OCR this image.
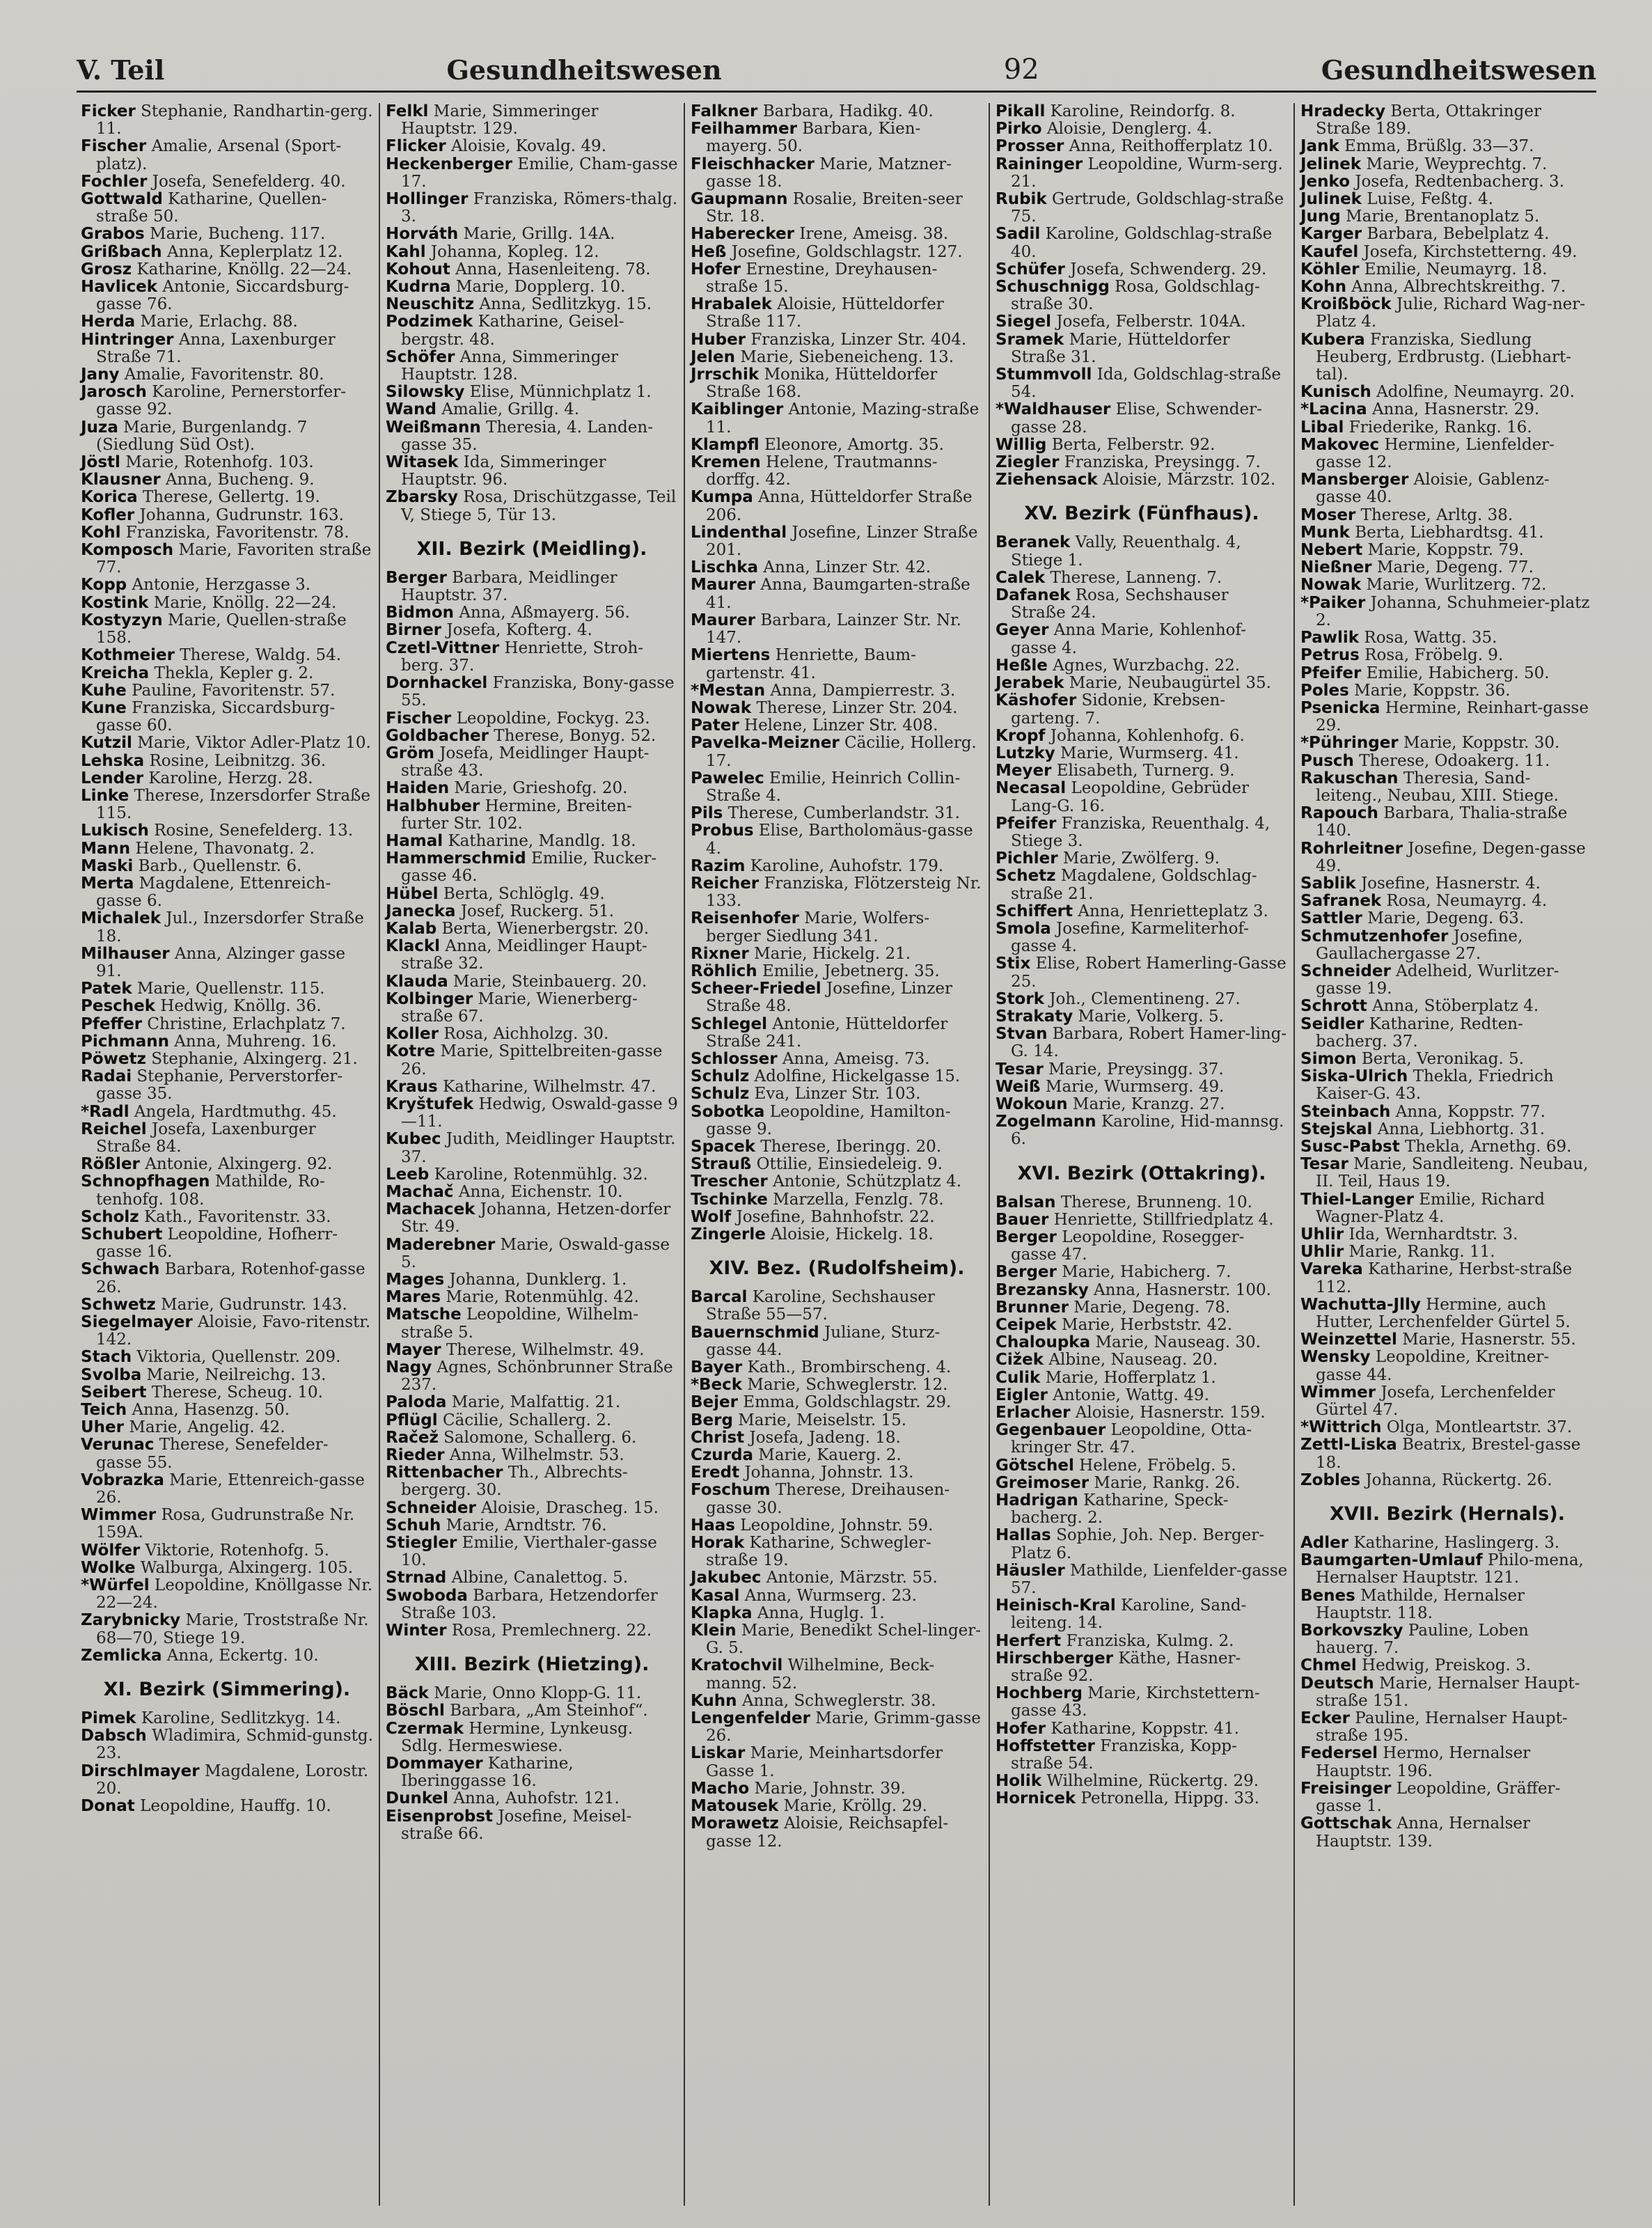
V. Teil	Gesundheitswesen	92	Gesundheitswesen

Ficker Stephanie, Randhartin-gerg. 11.

Fischer Amalie, Arsenal (Sport-platz).

Fochler Josefa, Senefelderg. 40.

Gottwald Katharine, Quellen-straße 50.

Grabos Marie, Bucheng. 117.

Grißbach Anna, Keplerplatz 12.

Grosz Katharine, Knöllg. 22—24.

Havlicek Antonie, Siccardsburg-gasse 76.

Herda Marie, Erlachg. 88.

Hintringer Anna, Laxenburger Straße 71.

Jany Amalie, Favoritenstr. 80.

Jarosch Karoline, Pernerstorfer-gasse 92.

Juza Marie, Burgenlandg. 7 (Siedlung Süd Ost).

Jöstl Marie, Rotenhofg. 103.

Klausner Anna, Bucheng. 9.

Korica Therese, Gellertg. 19.

Kofler Johanna, Gudrunstr. 163.

Kohl Franziska, Favoritenstr. 78.

Komposch Marie, Favoriten straße 77.

Kopp Antonie, Herzgasse 3.

Kostink Marie, Knöllg. 22—24.

Kostyzyn Marie, Quellen-straße 158.

Kothmeier Therese, Waldg. 54.

Kreicha Thekla, Kepler g. 2.

Kuhe Pauline, Favoritenstr. 57.

Kune Franziska, Siccardsburg-gasse 60.

Kutzil Marie, Viktor Adler-Platz 10.

Lehska Rosine, Leibnitzg. 36.

Lender Karoline, Herzg. 28.

Linke Therese, Inzersdorfer Straße 115.

Lukisch Rosine, Senefelderg. 13.

Mann Helene, Thavonatg. 2.

Maski Barb., Quellenstr. 6.

Merta Magdalene, Ettenreich-gasse 6.

Michalek Jul., Inzersdorfer Straße 18.

Milhauser Anna, Alzinger gasse 91.

Patek Marie, Quellenstr. 115.

Peschek Hedwig, Knöllg. 36.

Pfeffer Christine, Erlachplatz 7.

Pichmann Anna, Muhreng. 16.

Pöwetz Stephanie, Alxingerg. 21.

Radai Stephanie, Perverstorfer-gasse 35.

*Radl Angela, Hardtmuthg. 45.

Reichel Josefa, Laxenburger Straße 84.

Rößler Antonie, Alxingerg. 92.

Schnopfhagen Mathilde, Ro-tenhofg. 108.

Scholz Kath., Favoritenstr. 33.

Schubert Leopoldine, Hofherr-gasse 16.

Schwach Barbara, Rotenhof-gasse 26.

Schwetz Marie, Gudrunstr. 143.

Siegelmayer Aloisie, Favo-ritenstr. 142.

Stach Viktoria, Quellenstr. 209.

Svolba Marie, Neilreichg. 13.

Seibert Therese, Scheug. 10.

Teich Anna, Hasenzg. 50.

Uher Marie, Angelig. 42.

Verunac Therese, Senefelder-gasse 55.

Vobrazka Marie, Ettenreich-gasse 26.

Wimmer Rosa, Gudrunstraße Nr. 159A.

Wölfer Viktorie, Rotenhofg. 5.

Wolke Walburga, Alxingerg. 105.

*Würfel Leopoldine, Knöllgasse Nr. 22—24.

Zarybnicky Marie, Troststraße Nr. 68—70, Stiege 19.

Zemlicka Anna, Eckertg. 10.

XI. Bezirk (Simmering).

Pimek Karoline, Sedlitzkyg. 14.

Dabsch Wladimira, Schmid-gunstg. 23.

Dirschlmayer Magdalene, Lorostr. 20.

Donat Leopoldine, Hauffg. 10.

Felkl Marie, Simmeringer Hauptstr. 129.

Flicker Aloisie, Kovalg. 49.

Heckenberger Emilie, Cham-gasse 17.

Hollinger Franziska, Römers-thalg. 3.

Horváth Marie, Grillg. 14A.

Kahl Johanna, Kopleg. 12.

Kohout Anna, Hasenleiteng. 78.

Kudrna Marie, Dopplerg. 10.

Neuschitz Anna, Sedlitzkyg. 15.

Podzimek Katharine, Geisel-bergstr. 48.

Schöfer Anna, Simmeringer Hauptstr. 128.

Silowsky Elise, Münnichplatz 1.

Wand Amalie, Grillg. 4.

Weißmann Theresia, 4. Landen-gasse 35.

Witasek Ida, Simmeringer Hauptstr. 96.

Zbarsky Rosa, Drischützgasse, Teil V, Stiege 5, Tür 13.

XII. Bezirk (Meidling).

Berger Barbara, Meidlinger Hauptstr. 37.

Bidmon Anna, Aßmayerg. 56.

Birner Josefa, Kofterg. 4.

Czetl-Vittner Henriette, Stroh-berg. 37.

Dornhackel Franziska, Bony-gasse 55.

Fischer Leopoldine, Fockyg. 23.

Goldbacher Therese, Bonyg. 52.

Gröm Josefa, Meidlinger Haupt-straße 43.

Haiden Marie, Grieshofg. 20.

Halbhuber Hermine, Breiten-furter Str. 102.

Hamal Katharine, Mandlg. 18.

Hammerschmid Emilie, Rucker-gasse 46.

Hübel Berta, Schlöglg. 49.

Janecka Josef, Ruckerg. 51.

Kalab Berta, Wienerbergstr. 20.

Klackl Anna, Meidlinger Haupt-straße 32.

Klauda Marie, Steinbauerg. 20.

Kolbinger Marie, Wienerberg-straße 67.

Koller Rosa, Aichholzg. 30.

Kotre Marie, Spittelbreiten-gasse 26.

Kraus Katharine, Wilhelmstr. 47.

Kryštufek Hedwig, Oswald-gasse 9—11.

Kubec Judith, Meidlinger Hauptstr. 37.

Leeb Karoline, Rotenmühlg. 32.

Machač Anna, Eichenstr. 10.

Machacek Johanna, Hetzen-dorfer Str. 49.

Maderebner Marie, Oswald-gasse 5.

Mages Johanna, Dunklerg. 1.

Mares Marie, Rotenmühlg. 42.

Matsche Leopoldine, Wilhelm-straße 5.

Mayer Therese, Wilhelmstr. 49.

Nagy Agnes, Schönbrunner Straße 237.

Paloda Marie, Malfattig. 21.

Pflügl Cäcilie, Schallerg. 2.

Račež Salomone, Schallerg. 6.

Rieder Anna, Wilhelmstr. 53.

Rittenbacher Th., Albrechts-bergerg. 30.

Schneider Aloisie, Drascheg. 15.

Schuh Marie, Arndtstr. 76.

Stiegler Emilie, Vierthaler-gasse 10.

Strnad Albine, Canalettog. 5.

Swoboda Barbara, Hetzendorfer Straße 103.

Winter Rosa, Premlechnerg. 22.

XIII. Bezirk (Hietzing).

Bäck Marie, Onno Klopp-G. 11.

Böschl Barbara, „Am Steinhof“.

Czermak Hermine, Lynkeusg. Sdlg. Hermeswiese.

Dommayer Katharine, Iberinggasse 16.

Dunkel Anna, Auhofstr. 121.

Eisenprobst Josefine, Meisel-straße 66.

Falkner Barbara, Hadikg. 40.

Feilhammer Barbara, Kien-mayerg. 50.

Fleischhacker Marie, Matzner-gasse 18.

Gaupmann Rosalie, Breiten-seer Str. 18.

Haberecker Irene, Ameisg. 38.

Heß Josefine, Goldschlagstr. 127.

Hofer Ernestine, Dreyhausen-straße 15.

Hrabalek Aloisie, Hütteldorfer Straße 117.

Huber Franziska, Linzer Str. 404.

Jelen Marie, Siebeneicheng. 13.

Jrrschik Monika, Hütteldorfer Straße 168.

Kaiblinger Antonie, Mazing-straße 11.

Klampfl Eleonore, Amortg. 35.

Kremen Helene, Trautmanns-dorffg. 42.

Kumpa Anna, Hütteldorfer Straße 206.

Lindenthal Josefine, Linzer Straße 201.

Lischka Anna, Linzer Str. 42.

Maurer Anna, Baumgarten-straße 41.

Maurer Barbara, Lainzer Str. Nr. 147.

Miertens Henriette, Baum-gartenstr. 41.

*Mestan Anna, Dampierrestr. 3.

Nowak Therese, Linzer Str. 204.

Pater Helene, Linzer Str. 408.

Pavelka-Meizner Cäcilie, Hollerg. 17.

Pawelec Emilie, Heinrich Collin-Straße 4.

Pils Therese, Cumberlandstr. 31.

Probus Elise, Bartholomäus-gasse 4.

Razim Karoline, Auhofstr. 179.

Reicher Franziska, Flötzersteig Nr. 133.

Reisenhofer Marie, Wolfers-berger Siedlung 341.

Rixner Marie, Hickelg. 21.

Röhlich Emilie, Jebetnerg. 35.

Scheer-Friedel Josefine, Linzer Straße 48.

Schlegel Antonie, Hütteldorfer Straße 241.

Schlosser Anna, Ameisg. 73.

Schulz Adolfine, Hickelgasse 15.

Schulz Eva, Linzer Str. 103.

Sobotka Leopoldine, Hamilton-gasse 9.

Spacek Therese, Iberingg. 20.

Strauß Ottilie, Einsiedeleig. 9.

Trescher Antonie, Schützplatz 4.

Tschinke Marzella, Fenzlg. 78.

Wolf Josefine, Bahnhofstr. 22.

Zingerle Aloisie, Hickelg. 18.

XIV. Bez. (Rudolfsheim).

Barcal Karoline, Sechshauser Straße 55—57.

Bauernschmid Juliane, Sturz-gasse 44.

Bayer Kath., Brombirscheng. 4.

*Beck Marie, Schweglerstr. 12.

Bejer Emma, Goldschlagstr. 29.

Berg Marie, Meiselstr. 15.

Christ Josefa, Jadeng. 18.

Czurda Marie, Kauerg. 2.

Eredt Johanna, Johnstr. 13.

Foschum Therese, Dreihausen-gasse 30.

Haas Leopoldine, Johnstr. 59.

Horak Katharine, Schwegler-straße 19.

Jakubec Antonie, Märzstr. 55.

Kasal Anna, Wurmserg. 23.

Klapka Anna, Huglg. 1.

Klein Marie, Benedikt Schel-linger-G. 5.

Kratochvil Wilhelmine, Beck-manng. 52.

Kuhn Anna, Schweglerstr. 38.

Lengenfelder Marie, Grimm-gasse 26.

Liskar Marie, Meinhartsdorfer Gasse 1.

Macho Marie, Johnstr. 39.

Matousek Marie, Kröllg. 29.

Morawetz Aloisie, Reichsapfel-gasse 12.

Pikall Karoline, Reindorfg. 8.

Pirko Aloisie, Denglerg. 4.

Prosser Anna, Reithofferplatz 10.

Raininger Leopoldine, Wurm-serg. 21.

Rubik Gertrude, Goldschlag-straße 75.

Sadil Karoline, Goldschlag-straße 40.

Schüfer Josefa, Schwenderg. 29.

Schuschnigg Rosa, Goldschlag-straße 30.

Siegel Josefa, Felberstr. 104A.

Sramek Marie, Hütteldorfer Straße 31.

Stummvoll Ida, Goldschlag-straße 54.

*Waldhauser Elise, Schwender-gasse 28.

Willig Berta, Felberstr. 92.

Ziegler Franziska, Preysingg. 7.

Ziehensack Aloisie, Märzstr. 102.

XV. Bezirk (Fünfhaus).

Beranek Vally, Reuenthalg. 4, Stiege 1.

Calek Therese, Lanneng. 7.

Dafanek Rosa, Sechshauser Straße 24.

Geyer Anna Marie, Kohlenhof-gasse 4.

Heßle Agnes, Wurzbachg. 22.

Jerabek Marie, Neubaugürtel 35.

Käshofer Sidonie, Krebsen-garteng. 7.

Kropf Johanna, Kohlenhofg. 6.

Lutzky Marie, Wurmserg. 41.

Meyer Elisabeth, Turnerg. 9.

Necasal Leopoldine, Gebrüder Lang-G. 16.

Pfeifer Franziska, Reuenthalg. 4, Stiege 3.

Pichler Marie, Zwölferg. 9.

Schetz Magdalene, Goldschlag-straße 21.

Schiffert Anna, Henrietteplatz 3.

Smola Josefine, Karmeliterhof-gasse 4.

Stix Elise, Robert Hamerling-Gasse 25.

Stork Joh., Clementineng. 27.

Strakaty Marie, Volkerg. 5.

Stvan Barbara, Robert Hamer-ling-G. 14.

Tesar Marie, Preysingg. 37.

Weiß Marie, Wurmserg. 49.

Wokoun Marie, Kranzg. 27.

Zogelmann Karoline, Hid-mannsg. 6.

XVI. Bezirk (Ottakring).

Balsan Therese, Brunneng. 10.

Bauer Henriette, Stillfriedplatz 4.

Berger Leopoldine, Rosegger-gasse 47.

Berger Marie, Habicherg. 7.

Brezansky Anna, Hasnerstr. 100.

Brunner Marie, Degeng. 78.

Ceipek Marie, Herbststr. 42.

Chaloupka Marie, Nauseag. 30.

Cižek Albine, Nauseag. 20.

Culik Marie, Hofferplatz 1.

Eigler Antonie, Wattg. 49.

Erlacher Aloisie, Hasnerstr. 159.

Gegenbauer Leopoldine, Otta-kringer Str. 47.

Götschel Helene, Fröbelg. 5.

Greimoser Marie, Rankg. 26.

Hadrigan Katharine, Speck-bacherg. 2.

Hallas Sophie, Joh. Nep. Berger-Platz 6.

Häusler Mathilde, Lienfelder-gasse 57.

Heinisch-Kral Karoline, Sand-leiteng. 14.

Herfert Franziska, Kulmg. 2.

Hirschberger Käthe, Hasner-straße 92.

Hochberg Marie, Kirchstettern-gasse 43.

Hofer Katharine, Koppstr. 41.

Hoffstetter Franziska, Kopp-straße 54.

Holik Wilhelmine, Rückertg. 29.

Hornicek Petronella, Hippg. 33.

Hradecky Berta, Ottakringer Straße 189.

Jank Emma, Brüßlg. 33—37.

Jelinek Marie, Weyprechtg. 7.

Jenko Josefa, Redtenbacherg. 3.

Julinek Luise, Feßtg. 4.

Jung Marie, Brentanoplatz 5.

Karger Barbara, Bebelplatz 4.

Kaufel Josefa, Kirchstetterng. 49.

Köhler Emilie, Neumayrg. 18.

Kohn Anna, Albrechtskreithg. 7.

Kroißböck Julie, Richard Wag-ner-Platz 4.

Kubera Franziska, Siedlung Heuberg, Erdbrustg. (Liebhart-tal).

Kunisch Adolfine, Neumayrg. 20.

*Lacina Anna, Hasnerstr. 29.

Libal Friederike, Rankg. 16.

Makovec Hermine, Lienfelder-gasse 12.

Mansberger Aloisie, Gablenz-gasse 40.

Moser Therese, Arltg. 38.

Munk Berta, Liebhardtsg. 41.

Nebert Marie, Koppstr. 79.

Nießner Marie, Degeng. 77.

Nowak Marie, Wurlitzerg. 72.

*Paiker Johanna, Schuhmeier-platz 2.

Pawlik Rosa, Wattg. 35.

Petrus Rosa, Fröbelg. 9.

Pfeifer Emilie, Habicherg. 50.

Poles Marie, Koppstr. 36.

Psenicka Hermine, Reinhart-gasse 29.

*Pühringer Marie, Koppstr. 30.

Pusch Therese, Odoakerg. 11.

Rakuschan Theresia, Sand-leiteng., Neubau, XIII. Stiege.

Rapouch Barbara, Thalia-straße 140.

Rohrleitner Josefine, Degen-gasse 49.

Sablik Josefine, Hasnerstr. 4.

Safranek Rosa, Neumayrg. 4.

Sattler Marie, Degeng. 63.

Schmutzenhofer Josefine, Gaullachergasse 27.

Schneider Adelheid, Wurlitzer-gasse 19.

Schrott Anna, Stöberplatz 4.

Seidler Katharine, Redten-bacherg. 37.

Simon Berta, Veronikag. 5.

Siska-Ulrich Thekla, Friedrich Kaiser-G. 43.

Steinbach Anna, Koppstr. 77.

Stejskal Anna, Liebhortg. 31.

Susc-Pabst Thekla, Arnethg. 69.

Tesar Marie, Sandleiteng. Neubau, II. Teil, Haus 19.

Thiel-Langer Emilie, Richard Wagner-Platz 4.

Uhlir Ida, Wernhardtstr. 3.

Uhlir Marie, Rankg. 11.

Vareka Katharine, Herbst-straße 112.

Wachutta-Jlly Hermine, auch Hutter, Lerchenfelder Gürtel 5.

Weinzettel Marie, Hasnerstr. 55.

Wensky Leopoldine, Kreitner-gasse 44.

Wimmer Josefa, Lerchenfelder Gürtel 47.

*Wittrich Olga, Montleartstr. 37.

Zettl-Liska Beatrix, Brestel-gasse 18.

Zobles Johanna, Rückertg. 26.

XVII. Bezirk (Hernals).

Adler Katharine, Haslingerg. 3.

Baumgarten-Umlauf Philo-mena, Hernalser Hauptstr. 121.

Benes Mathilde, Hernalser Hauptstr. 118.

Borkovszky Pauline, Loben hauerg. 7.

Chmel Hedwig, Preiskog. 3.

Deutsch Marie, Hernalser Haupt-straße 151.

Ecker Pauline, Hernalser Haupt-straße 195.

Federsel Hermo, Hernalser Hauptstr. 196.

Freisinger Leopoldine, Gräffer-gasse 1.

Gottschak Anna, Hernalser Hauptstr. 139.
